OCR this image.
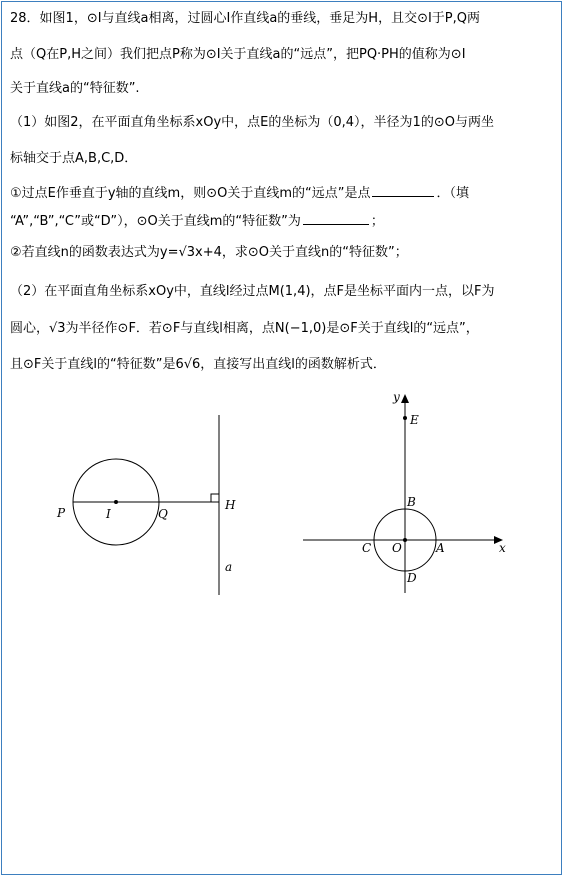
28．如图1，⊙I与直线a相离，过圆心I作直线a的垂线，垂足为H，且交⊙I于P,Q两
点（Q在P,H之间）我们把点P称为⊙I关于直线a的“远点”，把PQ·PH的值称为⊙I
关于直线a的“特征数”.
（1）如图2，在平面直角坐标系xOy中，点E的坐标为（0,4），半径为1的⊙O与两坐
标轴交于点A,B,C,D．
①过点E作垂直于y轴的直线m，则⊙O关于直线m的“远点”是点	．（填
“A”,“B”,“C”或“D”），⊙O关于直线m的“特征数”为	；
②若直线n的函数表达式为y=√3x+4，求⊙O关于直线n的“特征数”；
（2）在平面直角坐标系xOy中，直线l经过点M(1,4)，点F是坐标平面内一点，以F为
圆心，√3为半径作⊙F．若⊙F与直线l相离，点N(−1,0)是⊙F关于直线l的“远点”，
且⊙F关于直线l的“特征数”是6√6，直接写出直线l的函数解析式．
P	I	Q
H
a
y
E
B
C O	A	x
D
